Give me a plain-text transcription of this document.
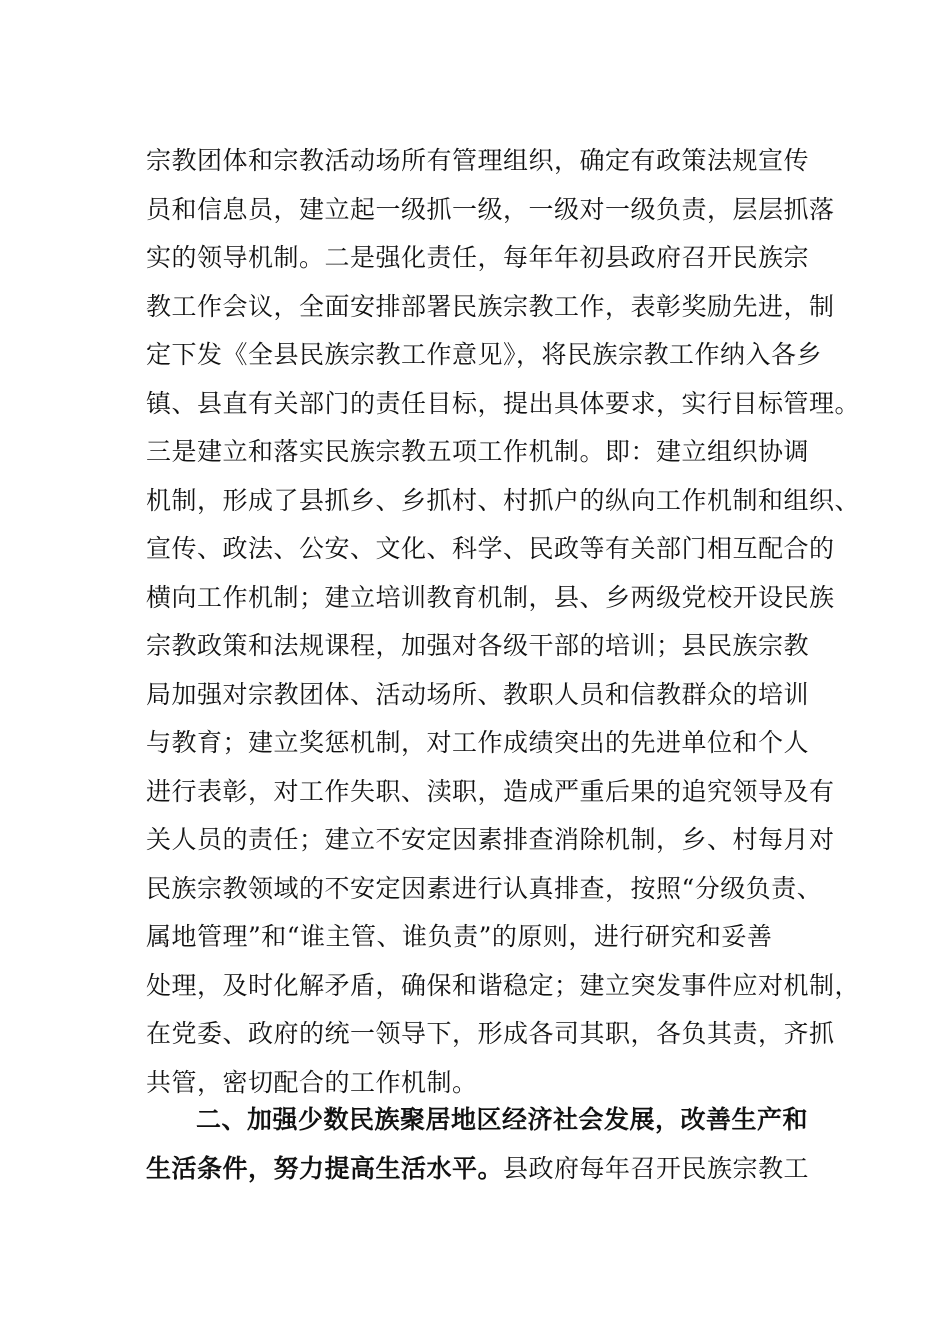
宗教团体和宗教活动场所有管理组织，确定有政策法规宣传
员和信息员，建立起一级抓一级，一级对一级负责，层层抓落
实的领导机制。二是强化责任，每年年初县政府召开民族宗
教工作会议，全面安排部署民族宗教工作，表彰奖励先进，制
定下发《全县民族宗教工作意见》，将民族宗教工作纳入各乡
镇、县直有关部门的责任目标，提出具体要求，实行目标管理。
三是建立和落实民族宗教五项工作机制。即：建立组织协调
机制，形成了县抓乡、乡抓村、村抓户的纵向工作机制和组织、
宣传、政法、公安、文化、科学、民政等有关部门相互配合的
横向工作机制；建立培训教育机制，县、乡两级党校开设民族
宗教政策和法规课程，加强对各级干部的培训；县民族宗教
局加强对宗教团体、活动场所、教职人员和信教群众的培训
与教育；建立奖惩机制，对工作成绩突出的先进单位和个人
进行表彰，对工作失职、渎职，造成严重后果的追究领导及有
关人员的责任；建立不安定因素排查消除机制，乡、村每月对
民族宗教领域的不安定因素进行认真排查，按照“分级负责、
属地管理”和“谁主管、谁负责”的原则，进行研究和妥善
处理，及时化解矛盾，确保和谐稳定；建立突发事件应对机制，
在党委、政府的统一领导下，形成各司其职，各负其责，齐抓
共管，密切配合的工作机制。
二、加强少数民族聚居地区经济社会发展，改善生产和
生活条件，努力提高生活水平。县政府每年召开民族宗教工
